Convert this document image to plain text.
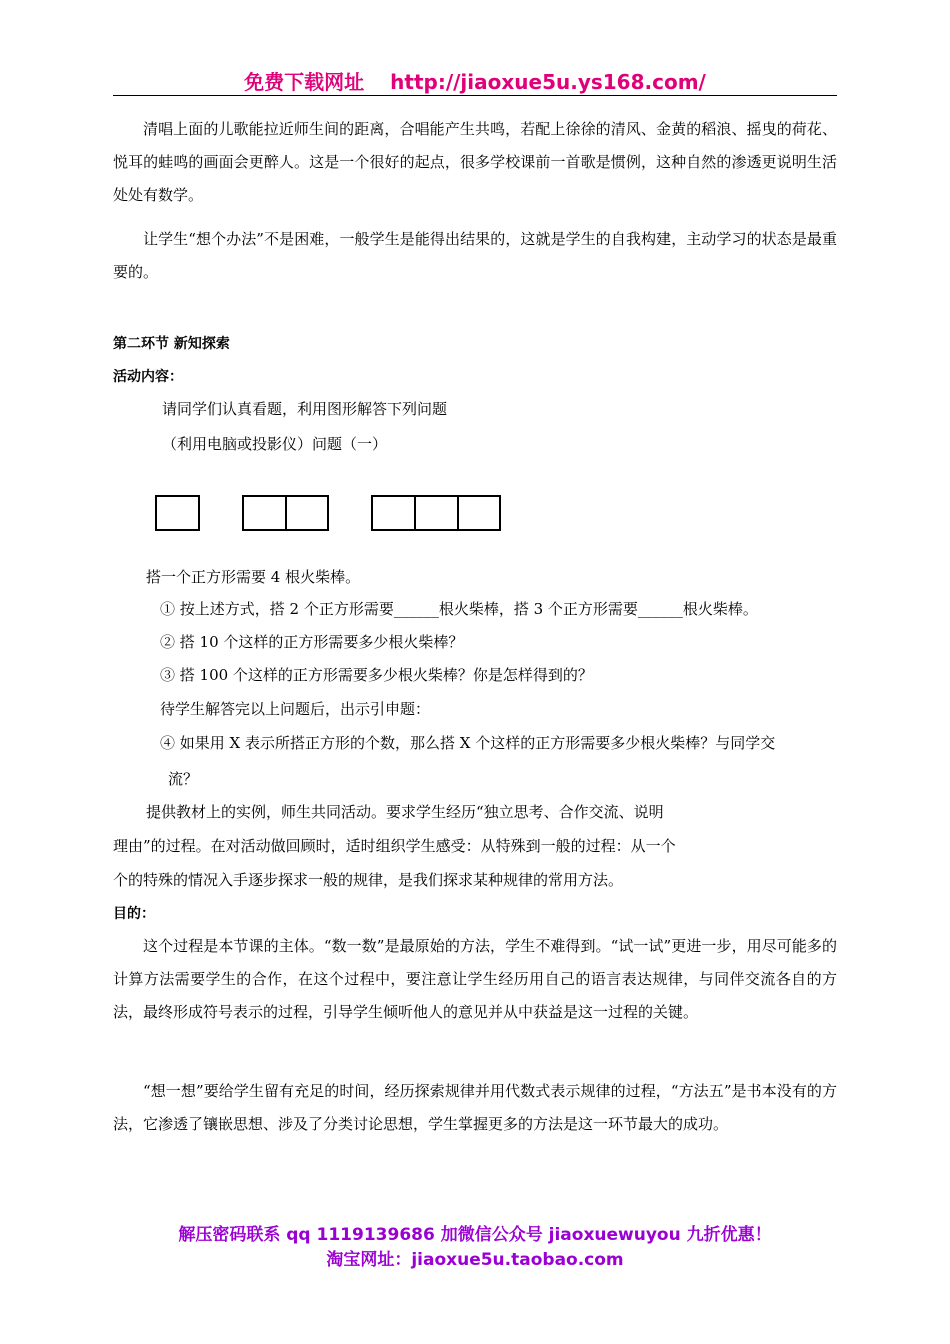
免费下载网址 http://jiaoxue5u.ys168.com/

清唱上面的儿歌能拉近师生间的距离，合唱能产生共鸣，若配上徐徐的清风、金黄的稻浪、摇曳的荷花、悦耳的蛙鸣的画面会更醉人。这是一个很好的起点，很多学校课前一首歌是惯例，这种自然的渗透更说明生活处处有数学。

让学生“想个办法”不是困难，一般学生是能得出结果的，这就是学生的自我构建，主动学习的状态是最重要的。

第二环节 新知探索

活动内容：

请同学们认真看题，利用图形解答下列问题

（利用电脑或投影仪）问题（一）

搭一个正方形需要 4 根火柴棒。

① 按上述方式，搭 2 个正方形需要______根火柴棒，搭 3 个正方形需要______根火柴棒。

② 搭 10 个这样的正方形需要多少根火柴棒？

③ 搭 100 个这样的正方形需要多少根火柴棒？你是怎样得到的？

待学生解答完以上问题后，出示引申题：

④ 如果用 X 表示所搭正方形的个数，那么搭 X 个这样的正方形需要多少根火柴棒？与同学交

流？

提供教材上的实例，师生共同活动。要求学生经历“独立思考、合作交流、说明

理由”的过程。在对活动做回顾时，适时组织学生感受：从特殊到一般的过程：从一个

个的特殊的情况入手逐步探求一般的规律，是我们探求某种规律的常用方法。

目的：

这个过程是本节课的主体。“数一数”是最原始的方法，学生不难得到。“试一试”更进一步，用尽可能多的计算方法需要学生的合作，在这个过程中，要注意让学生经历用自己的语言表达规律，与同伴交流各自的方法，最终形成符号表示的过程，引导学生倾听他人的意见并从中获益是这一过程的关键。

“想一想”要给学生留有充足的时间，经历探索规律并用代数式表示规律的过程，“方法五”是书本没有的方法，它渗透了镶嵌思想、涉及了分类讨论思想，学生掌握更多的方法是这一环节最大的成功。

解压密码联系 qq 1119139686 加微信公众号 jiaoxuewuyou 九折优惠！
淘宝网址：jiaoxue5u.taobao.com
